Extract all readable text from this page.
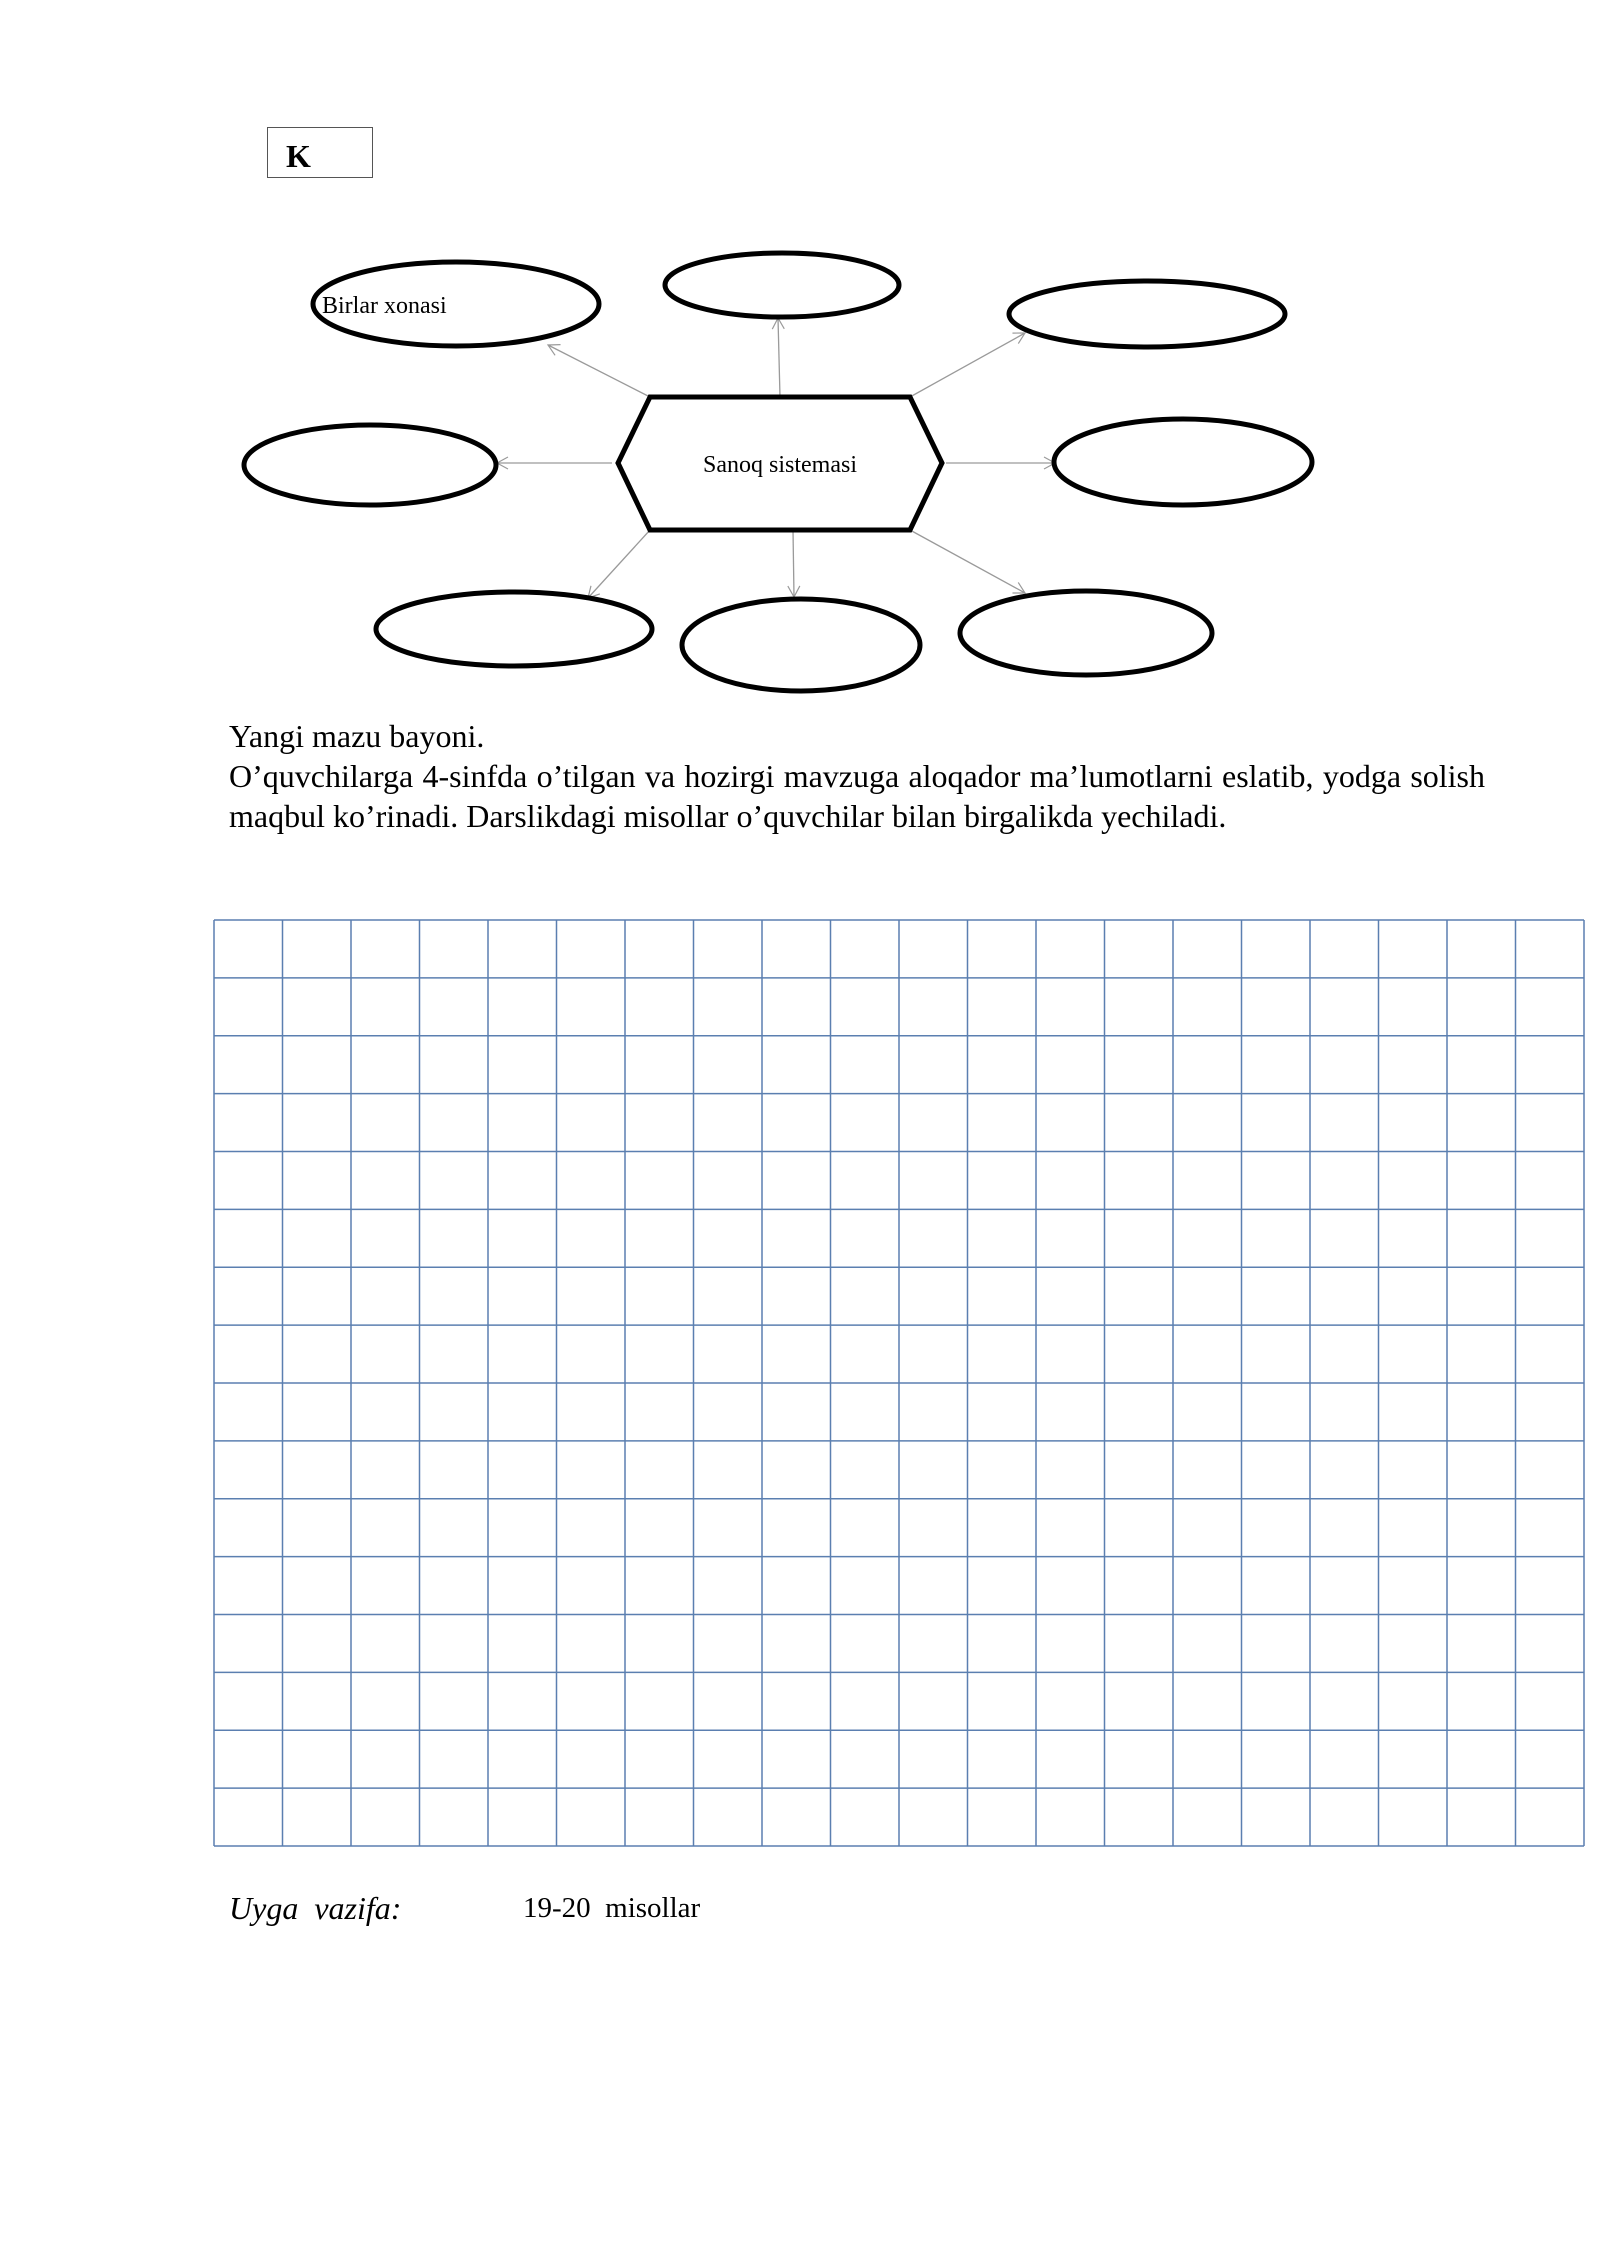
K
Sanoq sistemasi
Birlar xonasi

Yangi mazu bayoni.

O’quvchilarga 4-sinfda o’tilgan va hozirgi mavzuga aloqador ma’lumotlarni eslatib, yodga solish maqbul ko’rinadi. Darslikdagi misollar o’quvchilar bilan birgalikda yechiladi.

Uyga  vazifa:	19-20  misollar
